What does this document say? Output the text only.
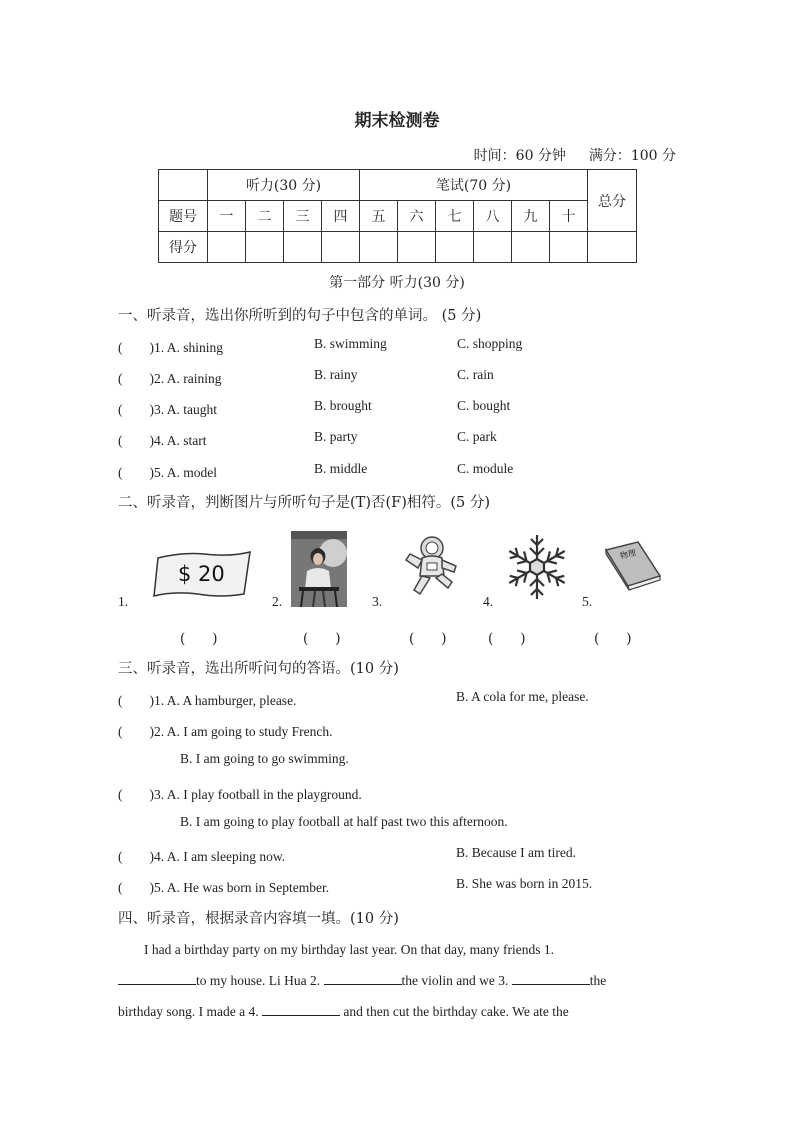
期末检测卷
时间：60 分钟 满分：100 分
	听力(30 分)				笔试(70 分)						总分
题号	一	二	三	四	五	六	七	八	九	十	
得分											
第一部分 听力(30 分)
一、听录音，选出你所听到的句子中包含的单词。 (5 分)
(　　)1. A. shining	B. swimming	C. shopping
(　　)2. A. raining	B. rainy	C. rain
(　　)3. A. taught	B. brought	C. bought
(　　)4. A. start	B. party	C. park
(　　)5. A. model	B. middle	C. module
二、听录音，判断图片与所听句子是(T)否(F)相符。(5 分)
1.
$ 20
2.	3.	4.	5.
物理
(　　)	(　　)	(　　)	(　　)	(　　)
三、听录音，选出所听问句的答语。(10 分)
(　　)1. A. A hamburger, please.	B. A cola for me, please.
(　　)2. A. I am going to study French.
B. I am going to go swimming.
(　　)3. A. I play football in the playground.
B. I am going to play football at half past two this afternoon.
(　　)4. A. I am sleeping now.	B. Because I am tired.
(　　)5. A. He was born in September.	B. She was born in 2015.
四、听录音，根据录音内容填一填。(10 分)

I had a birthday party on my birthday last year. On that day, many friends 1.

to my house. Li Hua 2.	the violin and we 3.	the

birthday song. I made a 4.	and then cut the birthday cake. We ate the
